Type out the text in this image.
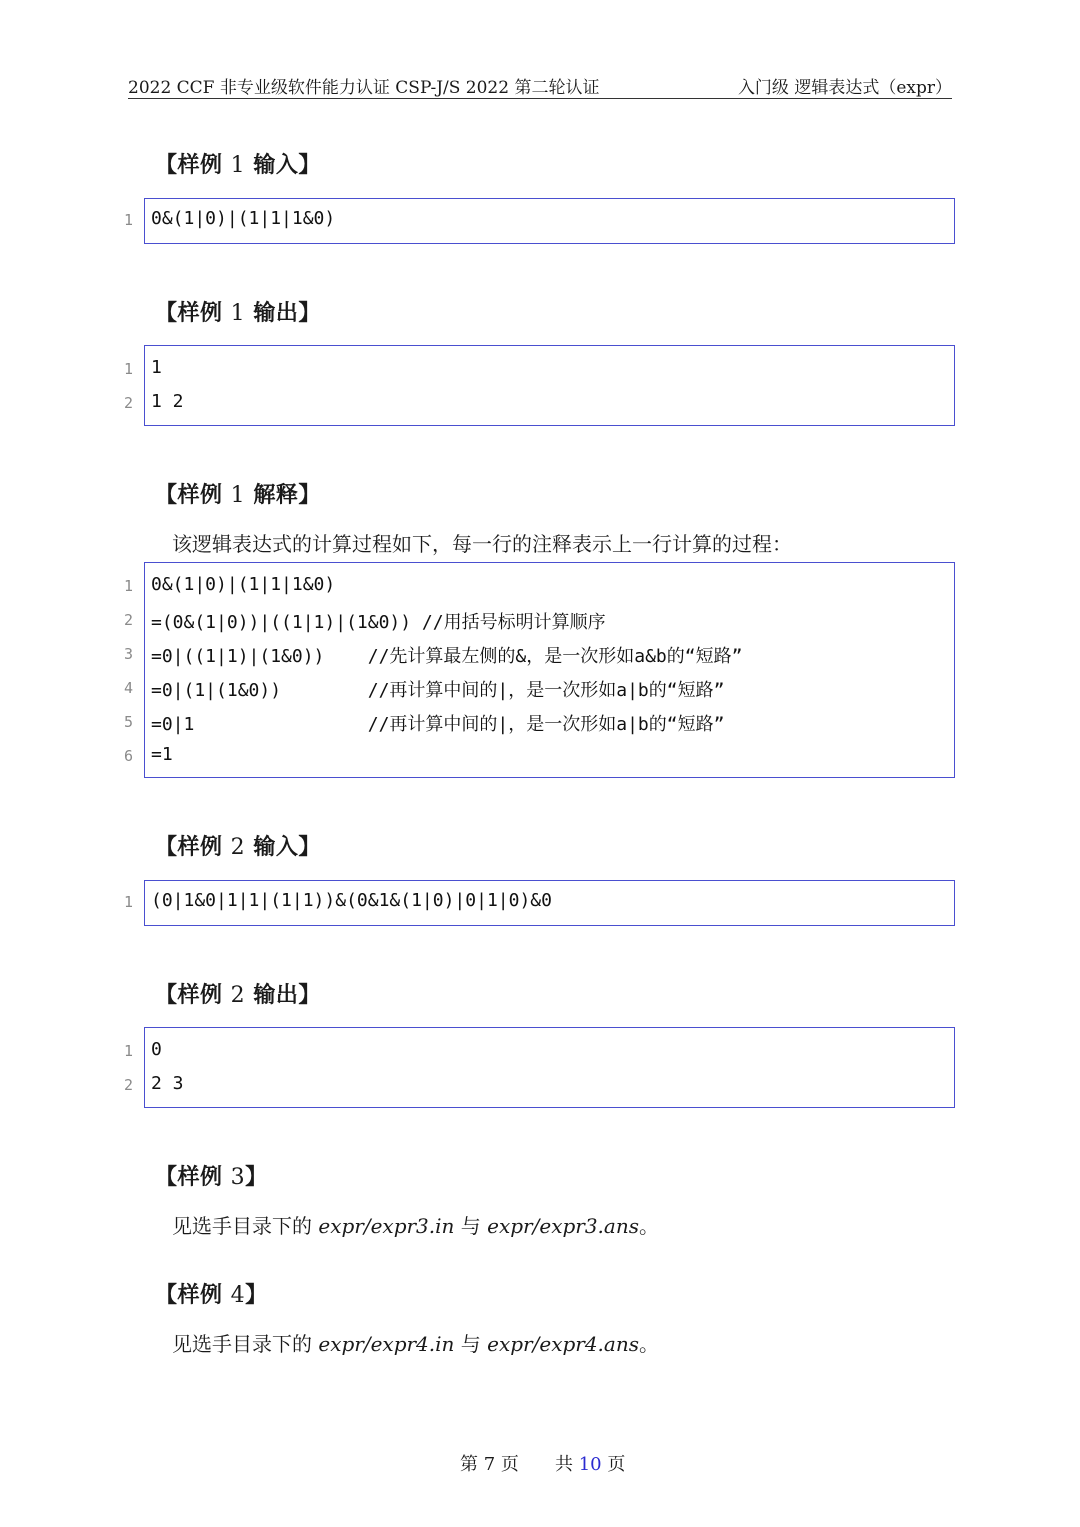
2022 CCF 非专业级软件能力认证 CSP-J/S 2022 第二轮认证	入门级 逻辑表达式（expr）
【样例 1 输入】
1 0&(1|0)|(1|1|1&0)
【样例 1 输出】
1 1
2 1 2
【样例 1 解释】
该逻辑表达式的计算过程如下，每一行的注释表示上一行计算的过程：
1 0&(1|0)|(1|1|1&0)
2 =(0&(1|0))|((1|1)|(1&0)) //用括号标明计算顺序
3 =0|((1|1)|(1&0))    //先计算最左侧的&，是一次形如a&b的“短路”
4 =0|(1|(1&0))        //再计算中间的|，是一次形如a|b的“短路”
5 =0|1                //再计算中间的|，是一次形如a|b的“短路”
6 =1
【样例 2 输入】
1 (0|1&0|1|1|(1|1))&(0&1&(1|0)|0|1|0)&0
【样例 2 输出】
1 0
2 2 3
【样例 3】
见选手目录下的 expr/expr3.in 与 expr/expr3.ans。
【样例 4】
见选手目录下的 expr/expr4.in 与 expr/expr4.ans。
第 7 页 共 10 页
